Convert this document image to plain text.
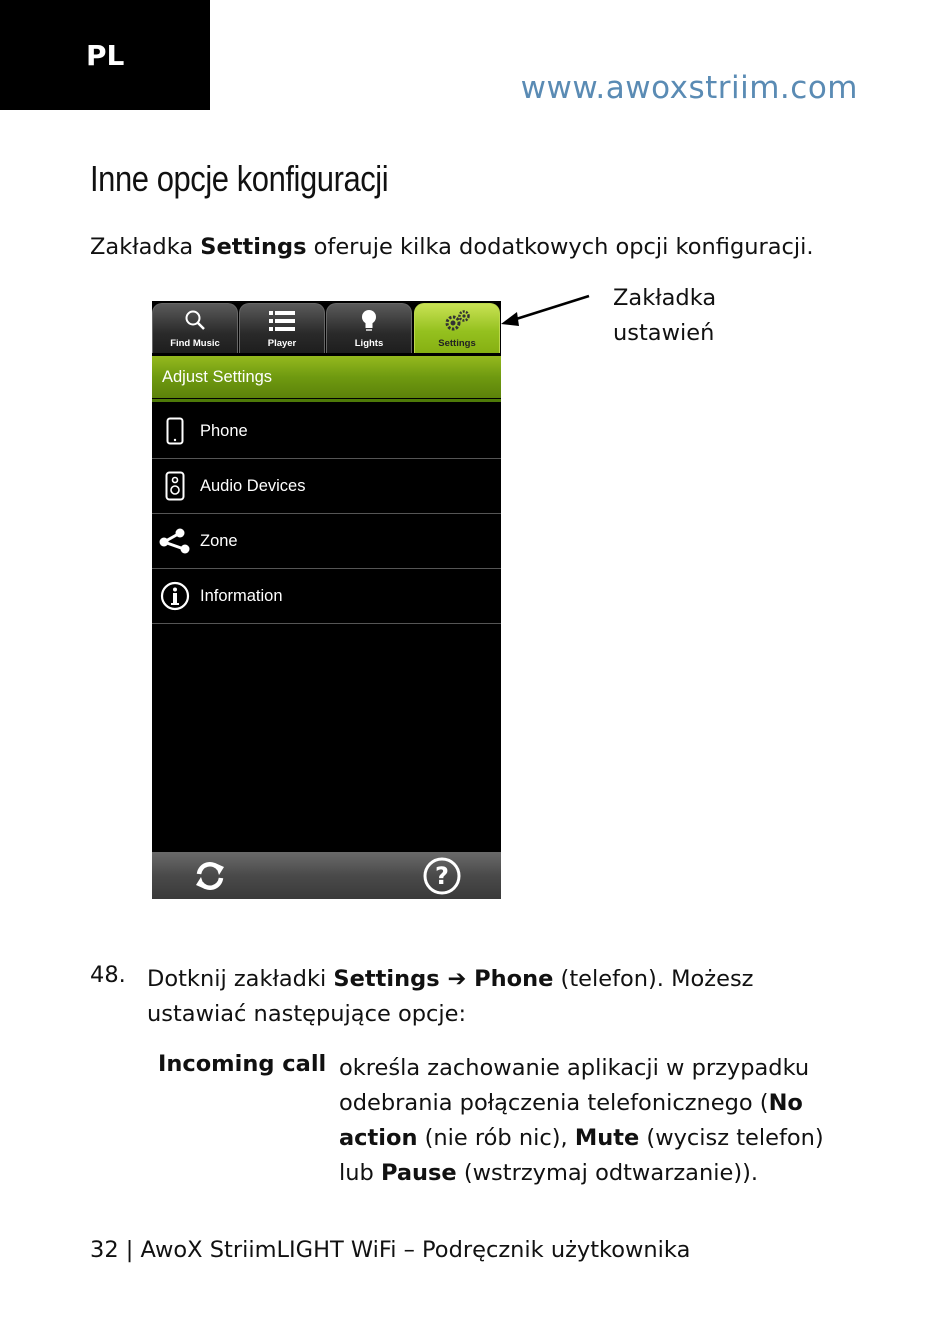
PL
www.awoxstriim.com
Inne opcje konfiguracji
Zakładka Settings oferuje kilka dodatkowych opcji konfiguracji.
Find Music	Player	Lights	Settings
Adjust Settings
Phone
Audio Devices
Zone
Information
?
Zakładka
ustawień
48. Dotknij zakładki Settings ➔ Phone (telefon). Możesz ustawiać następujące opcje:
Incoming call określa zachowanie aplikacji w przypadku odebrania połączenia telefonicznego (No action (nie rób nic), Mute (wycisz telefon) lub Pause (wstrzymaj odtwarzanie)).
32 | AwoX StriimLIGHT WiFi – Podręcznik użytkownika
